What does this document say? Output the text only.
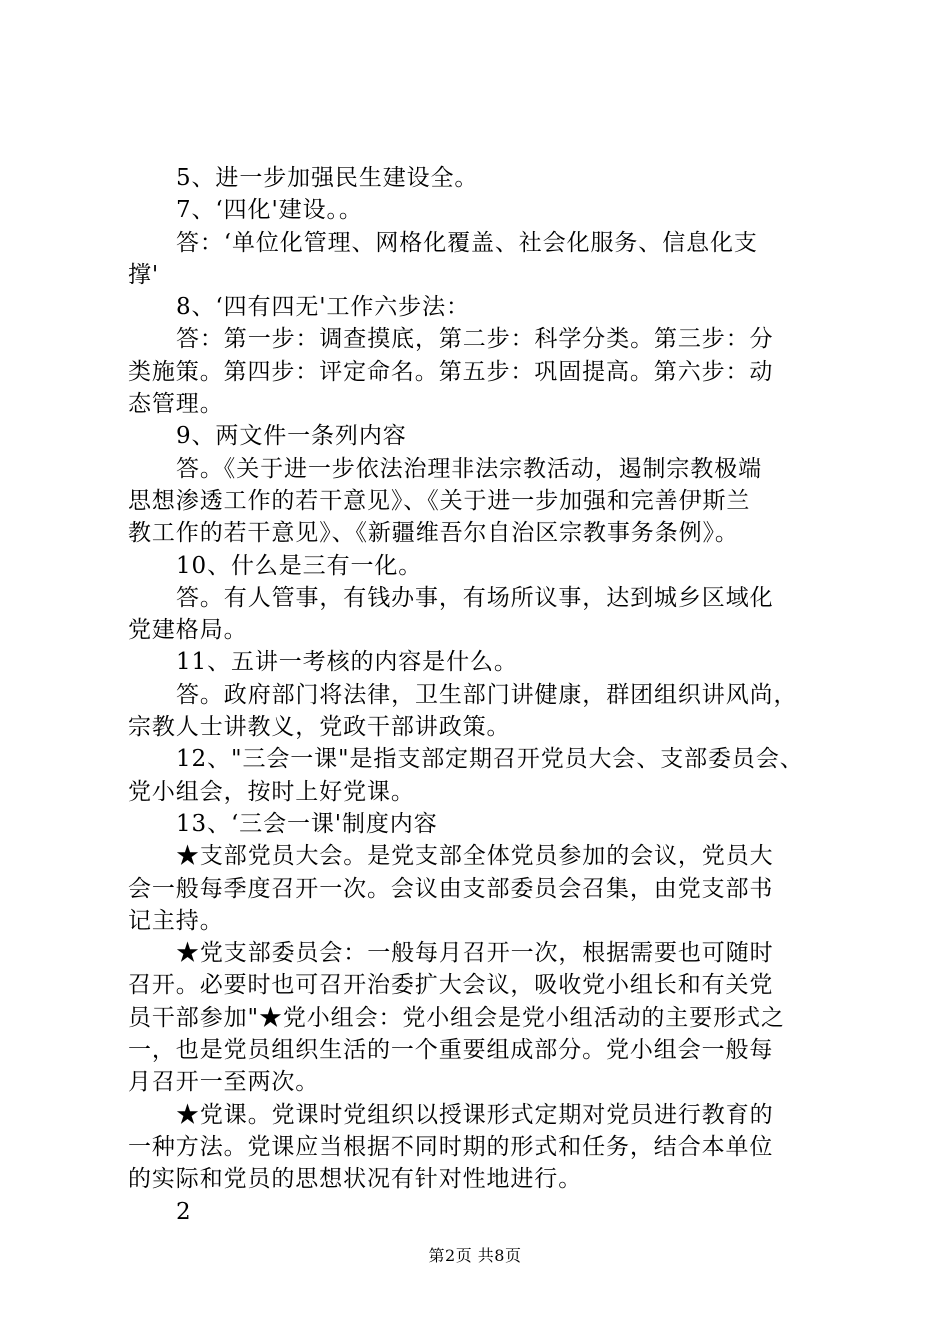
5、进一步加强民生建设全。
7、‘四化'建设。。
答：‘单位化管理、网格化覆盖、社会化服务、信息化支
撑'
8、‘四有四无'工作六步法：
答：第一步：调查摸底，第二步：科学分类。第三步：分
类施策。第四步：评定命名。第五步：巩固提高。第六步：动
态管理。
9、两文件一条列内容
答。《关于进一步依法治理非法宗教活动，遏制宗教极端
思想渗透工作的若干意见》、《关于进一步加强和完善伊斯兰
教工作的若干意见》、《新疆维吾尔自治区宗教事务条例》。
10、什么是三有一化。
答。有人管事，有钱办事，有场所议事，达到城乡区域化
党建格局。
11、五讲一考核的内容是什么。
答。政府部门将法律，卫生部门讲健康，群团组织讲风尚，
宗教人士讲教义，党政干部讲政策。
12、"三会一课"是指支部定期召开党员大会、支部委员会、
党小组会，按时上好党课。
13、‘三会一课'制度内容
★支部党员大会。是党支部全体党员参加的会议，党员大
会一般每季度召开一次。会议由支部委员会召集，由党支部书
记主持。
★党支部委员会：一般每月召开一次，根据需要也可随时
召开。必要时也可召开治委扩大会议，吸收党小组长和有关党
员干部参加"★党小组会：党小组会是党小组活动的主要形式之
一，也是党员组织生活的一个重要组成部分。党小组会一般每
月召开一至两次。
★党课。党课时党组织以授课形式定期对党员进行教育的
一种方法。党课应当根据不同时期的形式和任务，结合本单位
的实际和党员的思想状况有针对性地进行。
2
第2页 共8页
